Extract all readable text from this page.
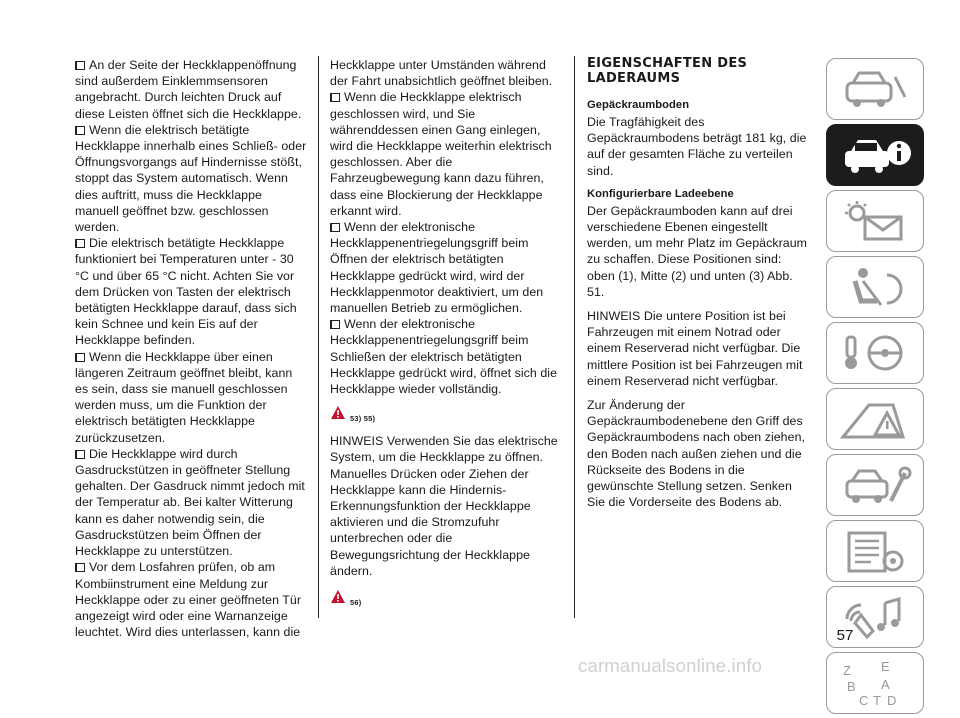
An der Seite der Heckklappenöffnung sind außerdem Einklemmsensoren angebracht. Durch leichten Druck auf diese Leisten öffnet sich die Heckklappe.

Wenn die elektrisch betätigte Heckklappe innerhalb eines Schließ- oder Öffnungsvorgangs auf Hindernisse stößt, stoppt das System automatisch. Wenn dies auftritt, muss die Heckklappe manuell geöffnet bzw. geschlossen werden.

Die elektrisch betätigte Heckklappe funktioniert bei Temperaturen unter - 30 °C und über 65 °C nicht. Achten Sie vor dem Drücken von Tasten der elektrisch betätigten Heckklappe darauf, dass sich kein Schnee und kein Eis auf der Heckklappe befinden.

Wenn die Heckklappe über einen längeren Zeitraum geöffnet bleibt, kann es sein, dass sie manuell geschlossen werden muss, um die Funktion der elektrisch betätigten Heckklappe zurückzusetzen.

Die Heckklappe wird durch Gasdruckstützen in geöffneter Stellung gehalten. Der Gasdruck nimmt jedoch mit der Temperatur ab. Bei kalter Witterung kann es daher notwendig sein, die Gasdruckstützen beim Öffnen der Heckklappe zu unterstützen.

Vor dem Losfahren prüfen, ob am Kombiinstrument eine Meldung zur Heckklappe oder zu einer geöffneten Tür angezeigt wird oder eine Warnanzeige leuchtet. Wird dies unterlassen, kann die

Heckklappe unter Umständen während der Fahrt unabsichtlich geöffnet bleiben.

Wenn die Heckklappe elektrisch geschlossen wird, und Sie währenddessen einen Gang einlegen, wird die Heckklappe weiterhin elektrisch geschlossen. Aber die Fahrzeugbewegung kann dazu führen, dass eine Blockierung der Heckklappe erkannt wird.

Wenn der elektronische Heckklappenentriegelungsgriff beim Öffnen der elektrisch betätigten Heckklappe gedrückt wird, wird der Heckklappenmotor deaktiviert, um den manuellen Betrieb zu ermöglichen.

Wenn der elektronische Heckklappenentriegelungsgriff beim Schließen der elektrisch betätigten Heckklappe gedrückt wird, öffnet sich die Heckklappe wieder vollständig.

53) 55)

HINWEIS Verwenden Sie das elektrische System, um die Heckklappe zu öffnen. Manuelles Drücken oder Ziehen der Heckklappe kann die Hindernis-Erkennungsfunktion der Heckklappe aktivieren und die Stromzufuhr unterbrechen oder die Bewegungsrichtung der Heckklappe ändern.

56)
EIGENSCHAFTEN DES LADERAUMS
Gepäckraumboden

Die Tragfähigkeit des Gepäckraumbodens beträgt 181 kg, die auf der gesamten Fläche zu verteilen sind.

Konfigurierbare Ladeebene

Der Gepäckraumboden kann auf drei verschiedene Ebenen eingestellt werden, um mehr Platz im Gepäckraum zu schaffen. Diese Positionen sind: oben (1), Mitte (2) und unten (3) Abb. 51.

HINWEIS Die untere Position ist bei Fahrzeugen mit einem Notrad oder einem Reserverad nicht verfügbar. Die mittlere Position ist bei Fahrzeugen mit einem Reserverad nicht verfügbar.

Zur Änderung der Gepäckraumbodenebene den Griff des Gepäckraumbodens nach oben ziehen, den Boden nach außen ziehen und die Rückseite des Bodens in die gewünschte Stellung setzen. Senken Sie die Vorderseite des Bodens ab.

Z E
B A
C D
T
57
carmanualsonline.info
